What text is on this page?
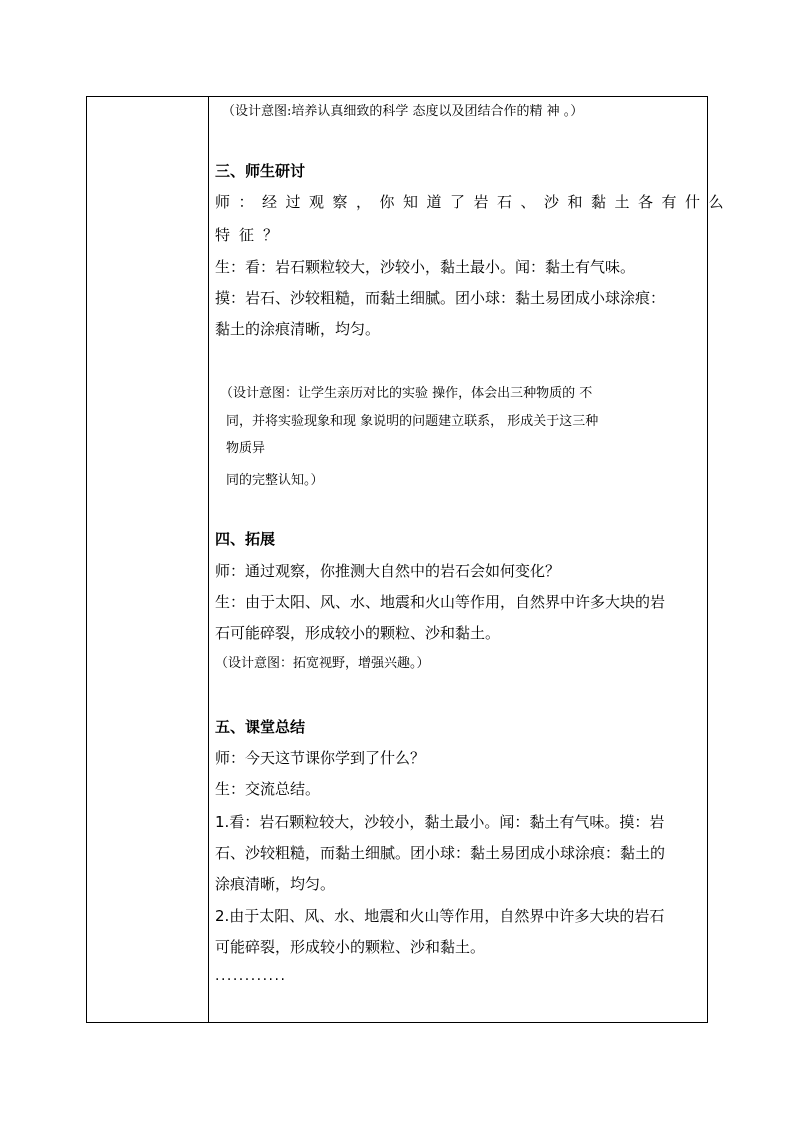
（设计意图:培养认真细致的科学 态度以及团结合作的精 神 。）
三、师生研讨
师：经过观察，你知道了岩石、沙和黏土各有什么
特征？
生：看：岩石颗粒较大，沙较小，黏土最小。闻：黏土有气味。
摸：岩石、沙较粗糙，而黏土细腻。团小球：黏土易团成小球涂痕：
黏土的涂痕清晰，均匀。
（设计意图：让学生亲历对比的实验 操作，体会出三种物质的 不
同，并将实验现象和现 象说明的问题建立联系， 形成关于这三种
物质异
同的完整认知。）
四、拓展
师：通过观察，你推测大自然中的岩石会如何变化？
生：由于太阳、风、水、地震和火山等作用，自然界中许多大块的岩
石可能碎裂，形成较小的颗粒、沙和黏土。
（设计意图：拓宽视野，增强兴趣。）
五、课堂总结
师：今天这节课你学到了什么？
生：交流总结。
1.看：岩石颗粒较大，沙较小，黏土最小。闻：黏土有气味。摸：岩
石、沙较粗糙，而黏土细腻。团小球：黏土易团成小球涂痕：黏土的
涂痕清晰，均匀。
2.由于太阳、风、水、地震和火山等作用，自然界中许多大块的岩石
可能碎裂，形成较小的颗粒、沙和黏土。
............
